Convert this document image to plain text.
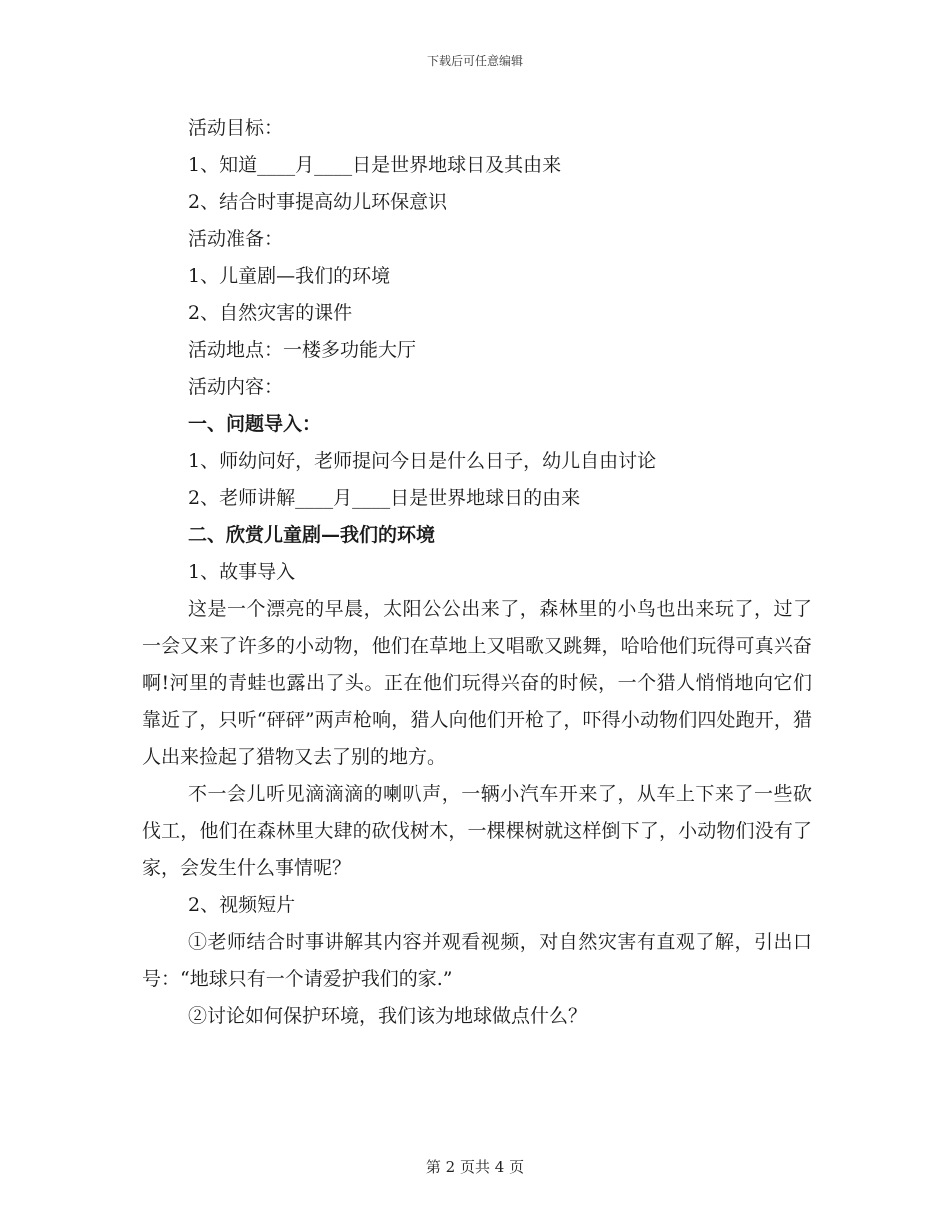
下载后可任意编辑

活动目标：

1、知道____月____日是世界地球日及其由来

2、结合时事提高幼儿环保意识

活动准备：

1、儿童剧—我们的环境

2、自然灾害的课件

活动地点：一楼多功能大厅

活动内容：

一、问题导入：

1、师幼问好，老师提问今日是什么日子，幼儿自由讨论

2、老师讲解____月____日是世界地球日的由来

二、欣赏儿童剧—我们的环境

1、故事导入

这是一个漂亮的早晨，太阳公公出来了，森林里的小鸟也出来玩了，过了一会又来了许多的小动物，他们在草地上又唱歌又跳舞，哈哈他们玩得可真兴奋啊!河里的青蛙也露出了头。正在他们玩得兴奋的时候，一个猎人悄悄地向它们靠近了，只听“砰砰”两声枪响，猎人向他们开枪了，吓得小动物们四处跑开，猎人出来捡起了猎物又去了别的地方。

不一会儿听见滴滴滴的喇叭声，一辆小汽车开来了，从车上下来了一些砍伐工，他们在森林里大肆的砍伐树木，一棵棵树就这样倒下了，小动物们没有了家，会发生什么事情呢？

2、视频短片

①老师结合时事讲解其内容并观看视频，对自然灾害有直观了解，引出口号：“地球只有一个请爱护我们的家.”

②讨论如何保护环境，我们该为地球做点什么？

第 2 页共 4 页
